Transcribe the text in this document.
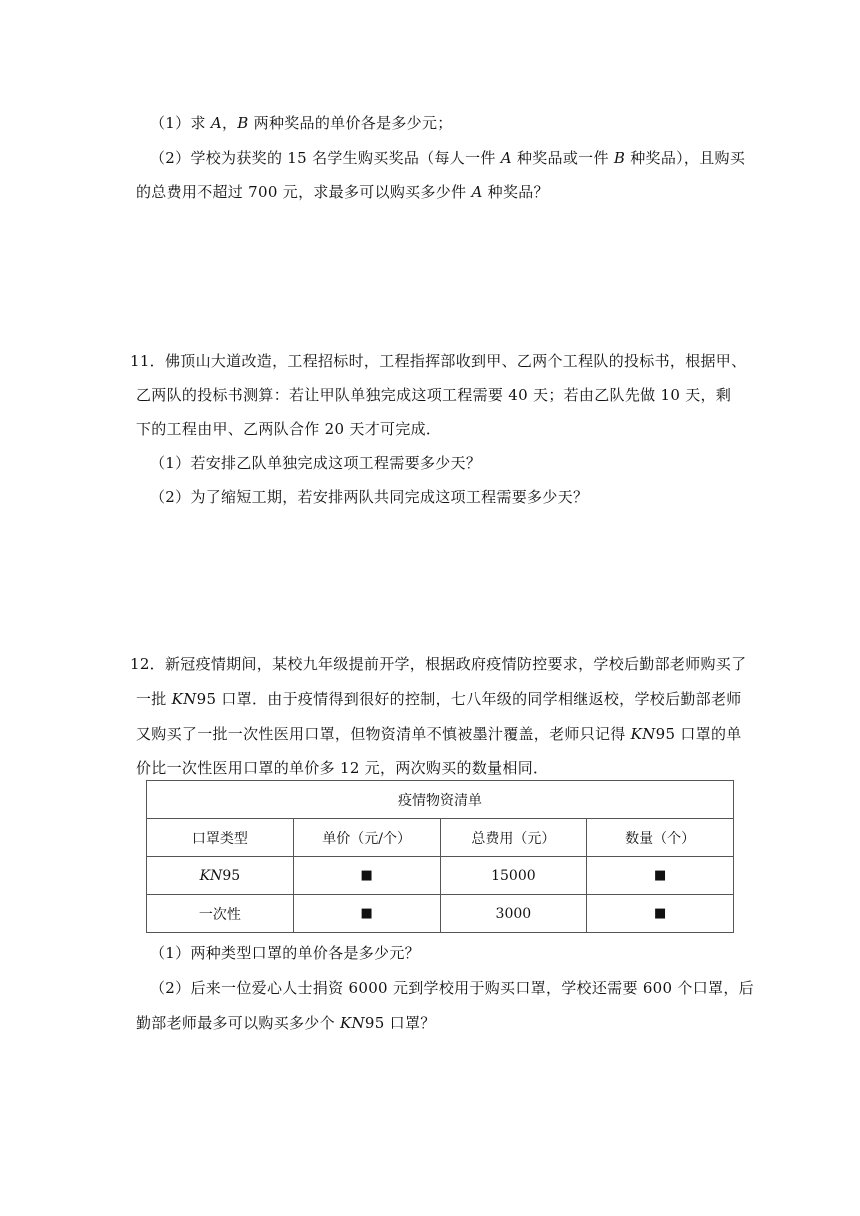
（1）求 A，B 两种奖品的单价各是多少元；
（2）学校为获奖的 15 名学生购买奖品（每人一件 A 种奖品或一件 B 种奖品），且购买
的总费用不超过 700 元，求最多可以购买多少件 A 种奖品？
11．佛顶山大道改造，工程招标时，工程指挥部收到甲、乙两个工程队的投标书，根据甲、
乙两队的投标书测算：若让甲队单独完成这项工程需要 40 天；若由乙队先做 10 天，剩
下的工程由甲、乙两队合作 20 天才可完成．
（1）若安排乙队单独完成这项工程需要多少天？
（2）为了缩短工期，若安排两队共同完成这项工程需要多少天？
12．新冠疫情期间，某校九年级提前开学，根据政府疫情防控要求，学校后勤部老师购买了
一批 KN95 口罩．由于疫情得到很好的控制，七八年级的同学相继返校，学校后勤部老师
又购买了一批一次性医用口罩，但物资清单不慎被墨汁覆盖，老师只记得 KN95 口罩的单
价比一次性医用口罩的单价多 12 元，两次购买的数量相同．
疫情物资清单			
口罩类型	单价（元/个）	总费用（元）	数量（个）
KN95	■	15000	■
一次性	■	3000	■
（1）两种类型口罩的单价各是多少元？
（2）后来一位爱心人士捐资 6000 元到学校用于购买口罩，学校还需要 600 个口罩，后
勤部老师最多可以购买多少个 KN95 口罩？
